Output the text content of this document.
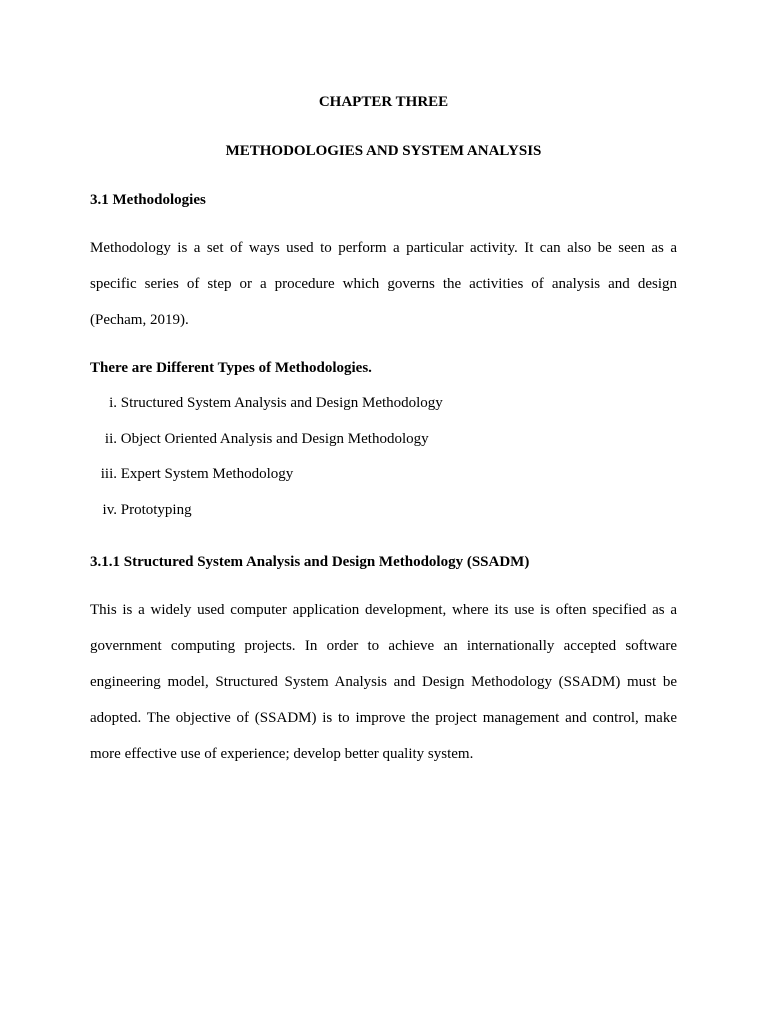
CHAPTER THREE
METHODOLOGIES AND SYSTEM ANALYSIS
3.1 Methodologies

Methodology is a set of ways used to perform a particular activity. It can also be seen as a
specific series of step or a procedure which governs the activities of analysis and design
(Pecham, 2019).

There are Different Types of Methodologies.
i. Structured System Analysis and Design Methodology
ii. Object Oriented Analysis and Design Methodology
iii. Expert System Methodology
iv. Prototyping
3.1.1 Structured System Analysis and Design Methodology (SSADM)

This is a widely used computer application development, where its use is often specified as a
government computing projects. In order to achieve an internationally accepted software
engineering model, Structured System Analysis and Design Methodology (SSADM) must be
adopted. The objective of (SSADM) is to improve the project management and control, make
more effective use of experience; develop better quality system.
